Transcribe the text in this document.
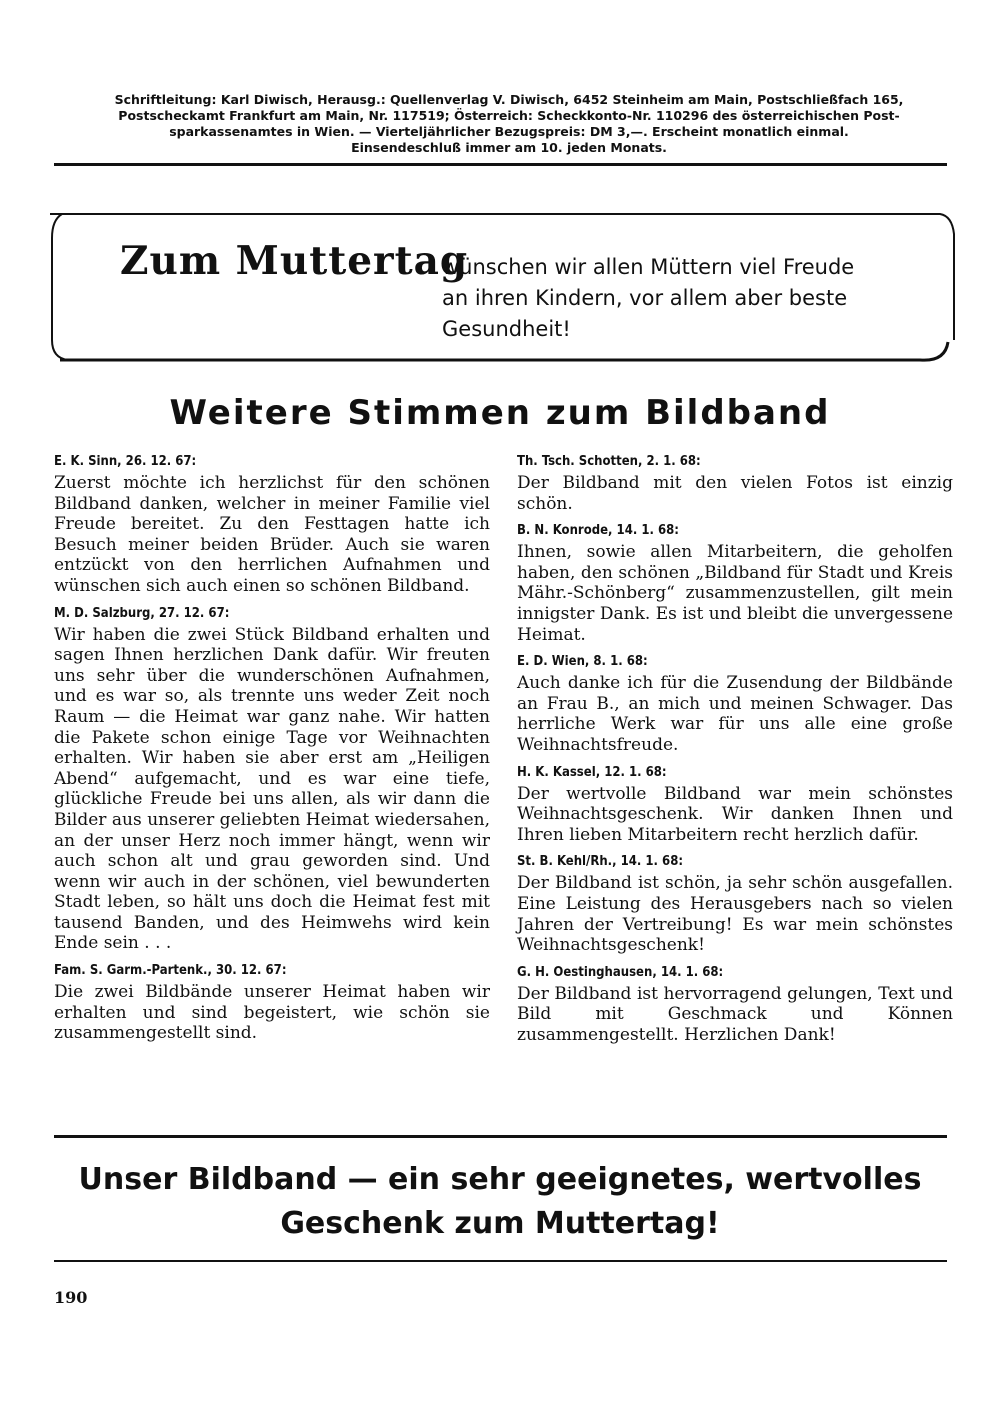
Schriftleitung: Karl Diwisch, Herausg.: Quellenverlag V. Diwisch, 6452 Steinheim am Main, Postschließfach 165,
Postscheckamt Frankfurt am Main, Nr. 117519; Österreich: Scheckkonto-Nr. 110296 des österreichischen Post-
sparkassenamtes in Wien. — Vierteljährlicher Bezugspreis: DM 3,—. Erscheint monatlich einmal.
Einsendeschluß immer am 10. jeden Monats.
Zum Muttertag
wünschen wir allen Müttern viel Freude
an ihren Kindern, vor allem aber beste
Gesundheit!
Weitere Stimmen zum Bildband
E. K. Sinn, 26. 12. 67:

Zuerst möchte ich herzlichst für den schönen Bildband danken, welcher in meiner Familie viel Freude bereitet. Zu den Festtagen hatte ich Besuch meiner beiden Brüder. Auch sie waren entzückt von den herrlichen Aufnahmen und wünschen sich auch einen so schönen Bildband.

M. D. Salzburg, 27. 12. 67:

Wir haben die zwei Stück Bildband erhalten und sagen Ihnen herzlichen Dank dafür. Wir freuten uns sehr über die wunderschönen Aufnahmen, und es war so, als trennte uns weder Zeit noch Raum — die Heimat war ganz nahe. Wir hatten die Pakete schon einige Tage vor Weihnachten erhalten. Wir haben sie aber erst am „Heiligen Abend“ aufgemacht, und es war eine tiefe, glückliche Freude bei uns allen, als wir dann die Bilder aus unserer geliebten Heimat wiedersahen, an der unser Herz noch immer hängt, wenn wir auch schon alt und grau geworden sind. Und wenn wir auch in der schönen, viel bewunderten Stadt leben, so hält uns doch die Heimat fest mit tausend Banden, und des Heimwehs wird kein Ende sein . . .

Fam. S. Garm.-Partenk., 30. 12. 67:

Die zwei Bildbände unserer Heimat haben wir erhalten und sind begeistert, wie schön sie zusammengestellt sind.

Th. Tsch. Schotten, 2. 1. 68:

Der Bildband mit den vielen Fotos ist einzig schön.

B. N. Konrode, 14. 1. 68:

Ihnen, sowie allen Mitarbeitern, die geholfen haben, den schönen „Bildband für Stadt und Kreis Mähr.-Schönberg“ zusammenzustellen, gilt mein innigster Dank. Es ist und bleibt die unvergessene Heimat.

E. D. Wien, 8. 1. 68:

Auch danke ich für die Zusendung der Bildbände an Frau B., an mich und meinen Schwager. Das herrliche Werk war für uns alle eine große Weihnachtsfreude.

H. K. Kassel, 12. 1. 68:

Der wertvolle Bildband war mein schönstes Weihnachtsgeschenk. Wir danken Ihnen und Ihren lieben Mitarbeitern recht herzlich dafür.

St. B. Kehl/Rh., 14. 1. 68:

Der Bildband ist schön, ja sehr schön ausgefallen. Eine Leistung des Herausgebers nach so vielen Jahren der Vertreibung! Es war mein schönstes Weihnachtsgeschenk!

G. H. Oestinghausen, 14. 1. 68:

Der Bildband ist hervorragend gelungen, Text und Bild mit Geschmack und Können zusammengestellt. Herzlichen Dank!

Unser Bildband — ein sehr geeignetes, wertvolles
Geschenk zum Muttertag!
190
